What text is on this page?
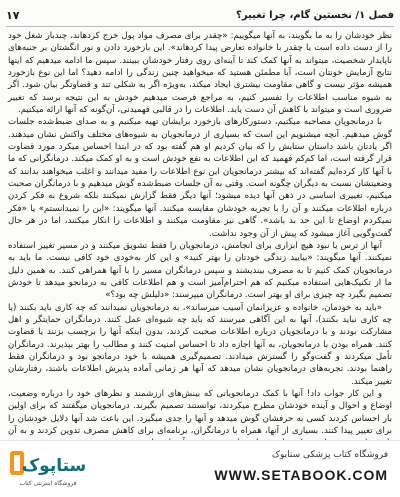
فصل ۱/ نخستین گام، چرا تغییر؟
۱۷

نظر خودشان را به ما بگویند، به آنها میگوییم: «چقدر برای مصرف مواد پول خرج کردهاند، چندبار شغل خود را از دست داده است یا چقدر با خانواده تعارض پیدا کردهاند». این بازخورد دادن و نور انگشتان بر جنبه‌های ناپایدار شخصیت، میتواند به آنها کمک کند تا آینه‌ای روی رفتار خودشان ببینند. سپس ما ادامه میدهیم که اینها نتایج آزمایش خونتان است، آیا مطمئن هستید که میخواهید چنین زندگی را ادامه دهید؟ اما این نوع بازخورد همیشه مؤثر نیست و گاهی مقاومت بیشتری ایجاد میکند، به‌ویژه اگر به شکلی تند و قضاوتگر بیان شود. اگر به شیوه مناسب اطلاعات را تفسیر کنیم، به مراجع فرصت میدهیم خودش به این نتیجه برسد که تغییر ضروری است و میتواند با کاهش آن دست یابد. اطلاعات را در قالبی فهمیدنی، آن‌گونه که آنها ارائه میکنیم.

با درمانجویان مصاحبه میکنیم، دستورکارهای بازخورد برایشان تهیه میکنیم و به صدای ضبط‌شده جلسات گوش میدهیم. آنچه میشنویم این است که بسیاری از درمانجویان به شیوه‌های مختلف واکنش نشان میدهند. اگر یادتان باشد داستان ستایش را که بیان کردیم او هم گفته بود که در ابتدا احساس میکرد مورد قضاوت قرار گرفته است، اما کم‌کم فهمید که این اطلاعات به نفع خودش است و به او کمک میکند. درمانگرانی که ما با آنها کار کرده‌ایم گفته‌اند که بیشتر درمانجویان این نوع اطلاعات را مفید میدانند و اغلب میخواهند بدانند که وضعیتشان نسبت به دیگران چگونه است. وقتی به آن جلسات ضبط‌شده گوش میدهیم و با درمانگران صحبت میکنیم، تغییری اساسی در ذهن آنها دیده میشود؛ آنها دیگر فقط گزارش نمیکنند بلکه شروع به فکر کردن درباره اطلاعات میکنند و آن را با تجربه خودشان مقایسه میکنند. آنها میگویند: «این را نمیدانستم» یا «فکر نمیکردم اوضاع تا این حد بد باشد». گاهی نیز مقاومت میکنند و اطلاعات را انکار میکنند، اما در هر حال گفت‌وگویی آغاز میشود که پیش از آن وجود نداشت.

آنها از ترس یا نبود هیچ ابزاری برای انجامش، درمانجویان را فقط تشویق میکنند و در مسیر تغییر استفاده نمیکنند. آنها میگویند: «بیایید زندگی خودتان را بهتر کنید» و این کار به‌خودی خود کافی نیست. ما باید به درمانجویان کمک کنیم تا به مصرف بیندیشند و سپس درمانگران مسیر را با آنها همراهی کنند. به همین دلیل ما از تکنیک‌هایی استفاده میکنیم که هم احترام‌آمیز است و هم اطلاعات کافی به درمانجو میدهد تا خودش تصمیم بگیرد چه چیزی برای او بهتر است. درمانگران میپرسند: «دلیلش چه بود؟»

«باید به خودمان، خانواده و عزیزانمان آسیب میرساند»، به درمانجویان نمیدانند که چه کاری باید بکنند (یا چه کاری نباید بکنند)، آنها به این آگاهی میرسند که باید چه شیوه‌ای عمل کنند. درمانگران حمایتگر و اهل مشارکت بودند و با درمانجویان درباره اطلاعات صحبت کردند، بدون اینکه آنها را برچسب بزنند یا قضاوت کنند. همراه بودن با درمانجویان، به آنها اجازه داد تا احساس امنیت کنند و مطالب را بهتر بپذیرند. درمانگران تأمل میکردند و گفت‌وگو را گسترش میدادند. تصمیم‌گیری همیشه با خود درمانجو بود و درمانگران فقط راهنما بودند. تجربه‌های درمانجویان نشان میدهد که آنها هر زمانی آماده پذیرش اطلاعات باشند، رفتارشان تغییر میکند.

و این کار جواب داد! آنها با کمک درمانجویانی که بینش‌های ارزشمند و نظرهای خود را درباره وضعیت، اوضاع و احوال و آینده خودشان مطرح میکردند، توانستند تصمیم بگیرند. درمانجویان میگفتند که برای اولین بار احساس کردند کسی به حرفشان گوش میدهد و آنها را جدی میگیرد. این باعث شد آنها دلایل خودشان را برای تغییر پیدا کنند. بسیاری از آنها، همراه با درمانگران، برنامه‌ای برای کاهش مصرف تدوین کردند و به آن

ستاپوک
فروشگاه اینترنتی کتاب
فروشگاه کتاب پزشکی ستابوک
WWW.SETABOOK.COM
